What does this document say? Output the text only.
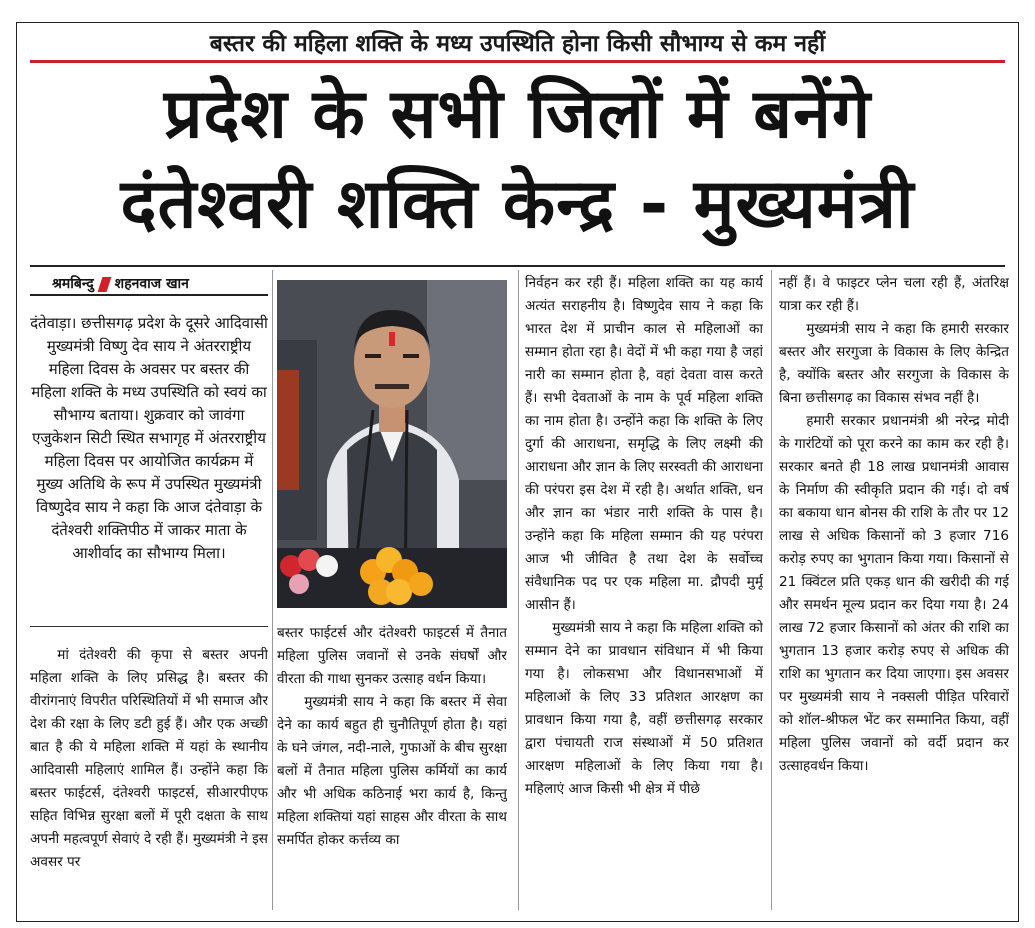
बस्तर की महिला शक्ति के मध्य उपस्थिति होना किसी सौभाग्य से कम नहीं
प्रदेश के सभी जिलों में बनेंगे
दंतेश्वरी शक्ति केन्द्र - मुख्यमंत्री
श्रमबिन्दु शहनवाज खान
दंतेवाड़ा। छत्तीसगढ़ प्रदेश के दूसरे आदिवासी मुख्यमंत्री विष्णु देव साय ने अंतरराष्ट्रीय महिला दिवस के अवसर पर बस्तर की महिला शक्ति के मध्य उपस्थिति को स्वयं का सौभाग्य बताया। शुक्रवार को जावंगा एजुकेशन सिटी स्थित सभागृह में अंतरराष्ट्रीय महिला दिवस पर आयोजित कार्यक्रम में मुख्य अतिथि के रूप में उपस्थित मुख्यमंत्री विष्णुदेव साय ने कहा कि आज दंतेवाड़ा के दंतेश्वरी शक्तिपीठ में जाकर माता के आशीर्वाद का सौभाग्य मिला।

मां दंतेश्वरी की कृपा से बस्तर अपनी महिला शक्ति के लिए प्रसिद्ध है। बस्तर की वीरांगनाएं विपरीत परिस्थितियों में भी समाज और देश की रक्षा के लिए डटी हुई हैं। और एक अच्छी बात है की ये महिला शक्ति में यहां के स्थानीय आदिवासी महिलाएं शामिल हैं। उन्होंने कहा कि बस्तर फाईटर्स, दंतेश्वरी फाइटर्स, सीआरपीएफ सहित विभिन्न सुरक्षा बलों में पूरी दक्षता के साथ अपनी महत्वपूर्ण सेवाएं दे रही हैं। मुख्यमंत्री ने इस अवसर पर

बस्तर फाईटर्स और दंतेश्वरी फाइटर्स में तैनात महिला पुलिस जवानों से उनके संघर्षों और वीरता की गाथा सुनकर उत्साह वर्धन किया।

मुख्यमंत्री साय ने कहा कि बस्तर में सेवा देने का कार्य बहुत ही चुनौतिपूर्ण होता है। यहां के घने जंगल, नदी-नाले, गुफाओं के बीच सुरक्षा बलों में तैनात महिला पुलिस कर्मियों का कार्य और भी अधिक कठिनाई भरा कार्य है, किन्तु महिला शक्तियां यहां साहस और वीरता के साथ समर्पित होकर कर्त्तव्य का

निर्वहन कर रही हैं। महिला शक्ति का यह कार्य अत्यंत सराहनीय है। विष्णुदेव साय ने कहा कि भारत देश में प्राचीन काल से महिलाओं का सम्मान होता रहा है। वेदों में भी कहा गया है जहां नारी का सम्मान होता है, वहां देवता वास करते हैं। सभी देवताओं के नाम के पूर्व महिला शक्ति का नाम होता है। उन्होंने कहा कि शक्ति के लिए दुर्गा की आराधना, समृद्धि के लिए लक्ष्मी की आराधना और ज्ञान के लिए सरस्वती की आराधना की परंपरा इस देश में रही है। अर्थात शक्ति, धन और ज्ञान का भंडार नारी शक्ति के पास है। उन्होंने कहा कि महिला सम्मान की यह परंपरा आज भी जीवित है तथा देश के सर्वोच्च संवैधानिक पद पर एक महिला मा. द्रौपदी मुर्मू आसीन हैं।

मुख्यमंत्री साय ने कहा कि महिला शक्ति को सम्मान देने का प्रावधान संविधान में भी किया गया है। लोकसभा और विधानसभाओं में महिलाओं के लिए 33 प्रतिशत आरक्षण का प्रावधान किया गया है, वहीं छत्तीसगढ़ सरकार द्वारा पंचायती राज संस्थाओं में 50 प्रतिशत आरक्षण महिलाओं के लिए किया गया है। महिलाएं आज किसी भी क्षेत्र में पीछे

नहीं हैं। वे फाइटर प्लेन चला रही हैं, अंतरिक्ष यात्रा कर रही हैं।

मुख्यमंत्री साय ने कहा कि हमारी सरकार बस्तर और सरगुजा के विकास के लिए केन्द्रित है, क्योंकि बस्तर और सरगुजा के विकास के बिना छत्तीसगढ़ का विकास संभव नहीं है।

हमारी सरकार प्रधानमंत्री श्री नरेन्द्र मोदी के गारंटियों को पूरा करने का काम कर रही है। सरकार बनते ही 18 लाख प्रधानमंत्री आवास के निर्माण की स्वीकृति प्रदान की गई। दो वर्ष का बकाया धान बोनस की राशि के तौर पर 12 लाख से अधिक किसानों को 3 हजार 716 करोड़ रुपए का भुगतान किया गया। किसानों से 21 क्विंटल प्रति एकड़ धान की खरीदी की गई और समर्थन मूल्य प्रदान कर दिया गया है। 24 लाख 72 हजार किसानों को अंतर की राशि का भुगतान 13 हजार करोड़ रुपए से अधिक की राशि का भुगतान कर दिया जाएगा। इस अवसर पर मुख्यमंत्री साय ने नक्सली पीड़ित परिवारों को शॉल-श्रीफल भेंट कर सम्मानित किया, वहीं महिला पुलिस जवानों को वर्दी प्रदान कर उत्साहवर्धन किया।
